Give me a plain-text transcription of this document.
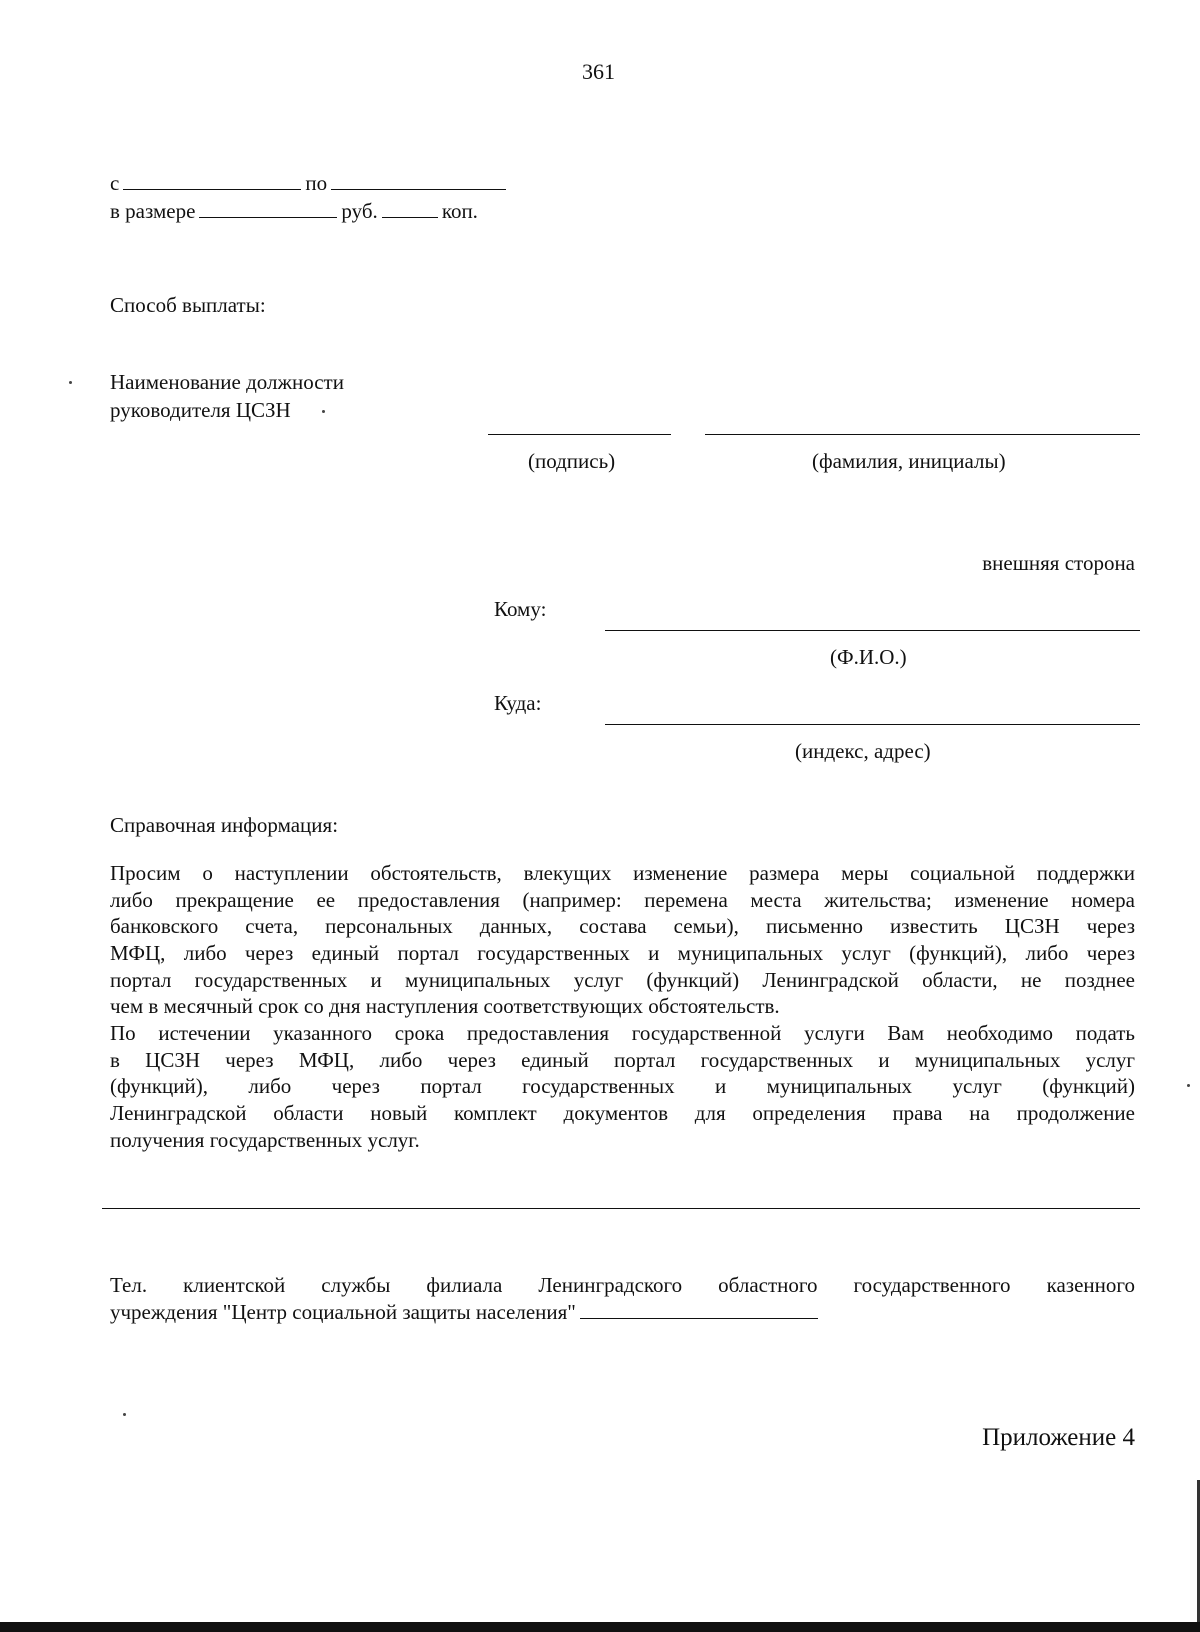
361
с	по
в размере	руб.	коп.
Способ выплаты:
Наименование должности
руководителя ЦСЗН
(подпись)	(фамилия, инициалы)
внешняя сторона
Кому:
(Ф.И.О.)
Куда:
(индекс, адрес)
Справочная информация:
Просим о наступлении обстоятельств, влекущих изменение размера меры социальной поддержки
либо прекращение ее предоставления (например: перемена места жительства; изменение номера
банковского счета, персональных данных, состава семьи), письменно известить ЦСЗН через
МФЦ, либо через единый портал государственных и муниципальных услуг (функций), либо через
портал государственных и муниципальных услуг (функций) Ленинградской области, не позднее
чем в месячный срок со дня наступления соответствующих обстоятельств.
По истечении указанного срока предоставления государственной услуги Вам необходимо подать
в ЦСЗН через МФЦ, либо через единый портал государственных и муниципальных услуг
(функций), либо через портал государственных и муниципальных услуг (функций)
Ленинградской области новый комплект документов для определения права на продолжение
получения государственных услуг.
Тел. клиентской службы филиала Ленинградского областного государственного казенного
учреждения "Центр социальной защиты населения"
Приложение 4
